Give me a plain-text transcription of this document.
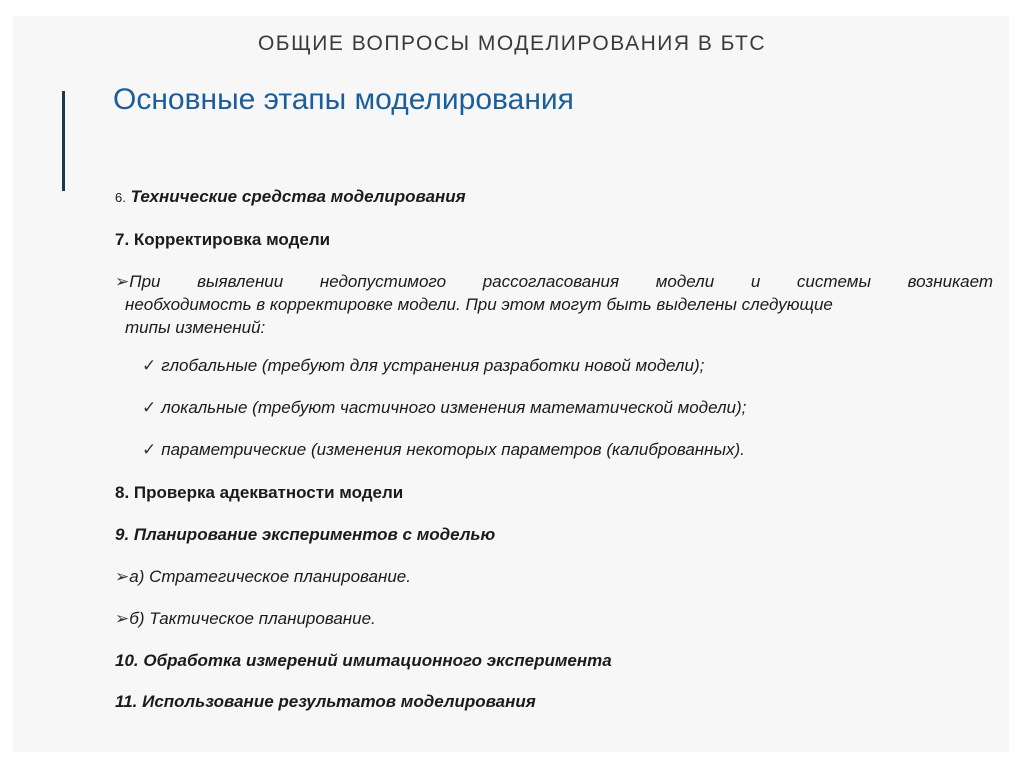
ОБЩИЕ ВОПРОСЫ МОДЕЛИРОВАНИЯ В БТС
Основные этапы моделирования
6. Технические средства моделирования
7. Корректировка модели
➢При выявлении недопустимого рассогласования модели и системы возникает
необходимость в корректировке модели. При этом могут быть выделены следующие
типы изменений:
✓ глобальные (требуют для устранения разработки новой модели);
✓ локальные (требуют частичного изменения математической модели);
✓ параметрические (изменения некоторых параметров (калиброванных).
8. Проверка адекватности модели
9. Планирование экспериментов с моделью
➢а) Стратегическое планирование.
➢б) Тактическое планирование.
10. Обработка измерений имитационного эксперимента
11. Использование результатов моделирования
